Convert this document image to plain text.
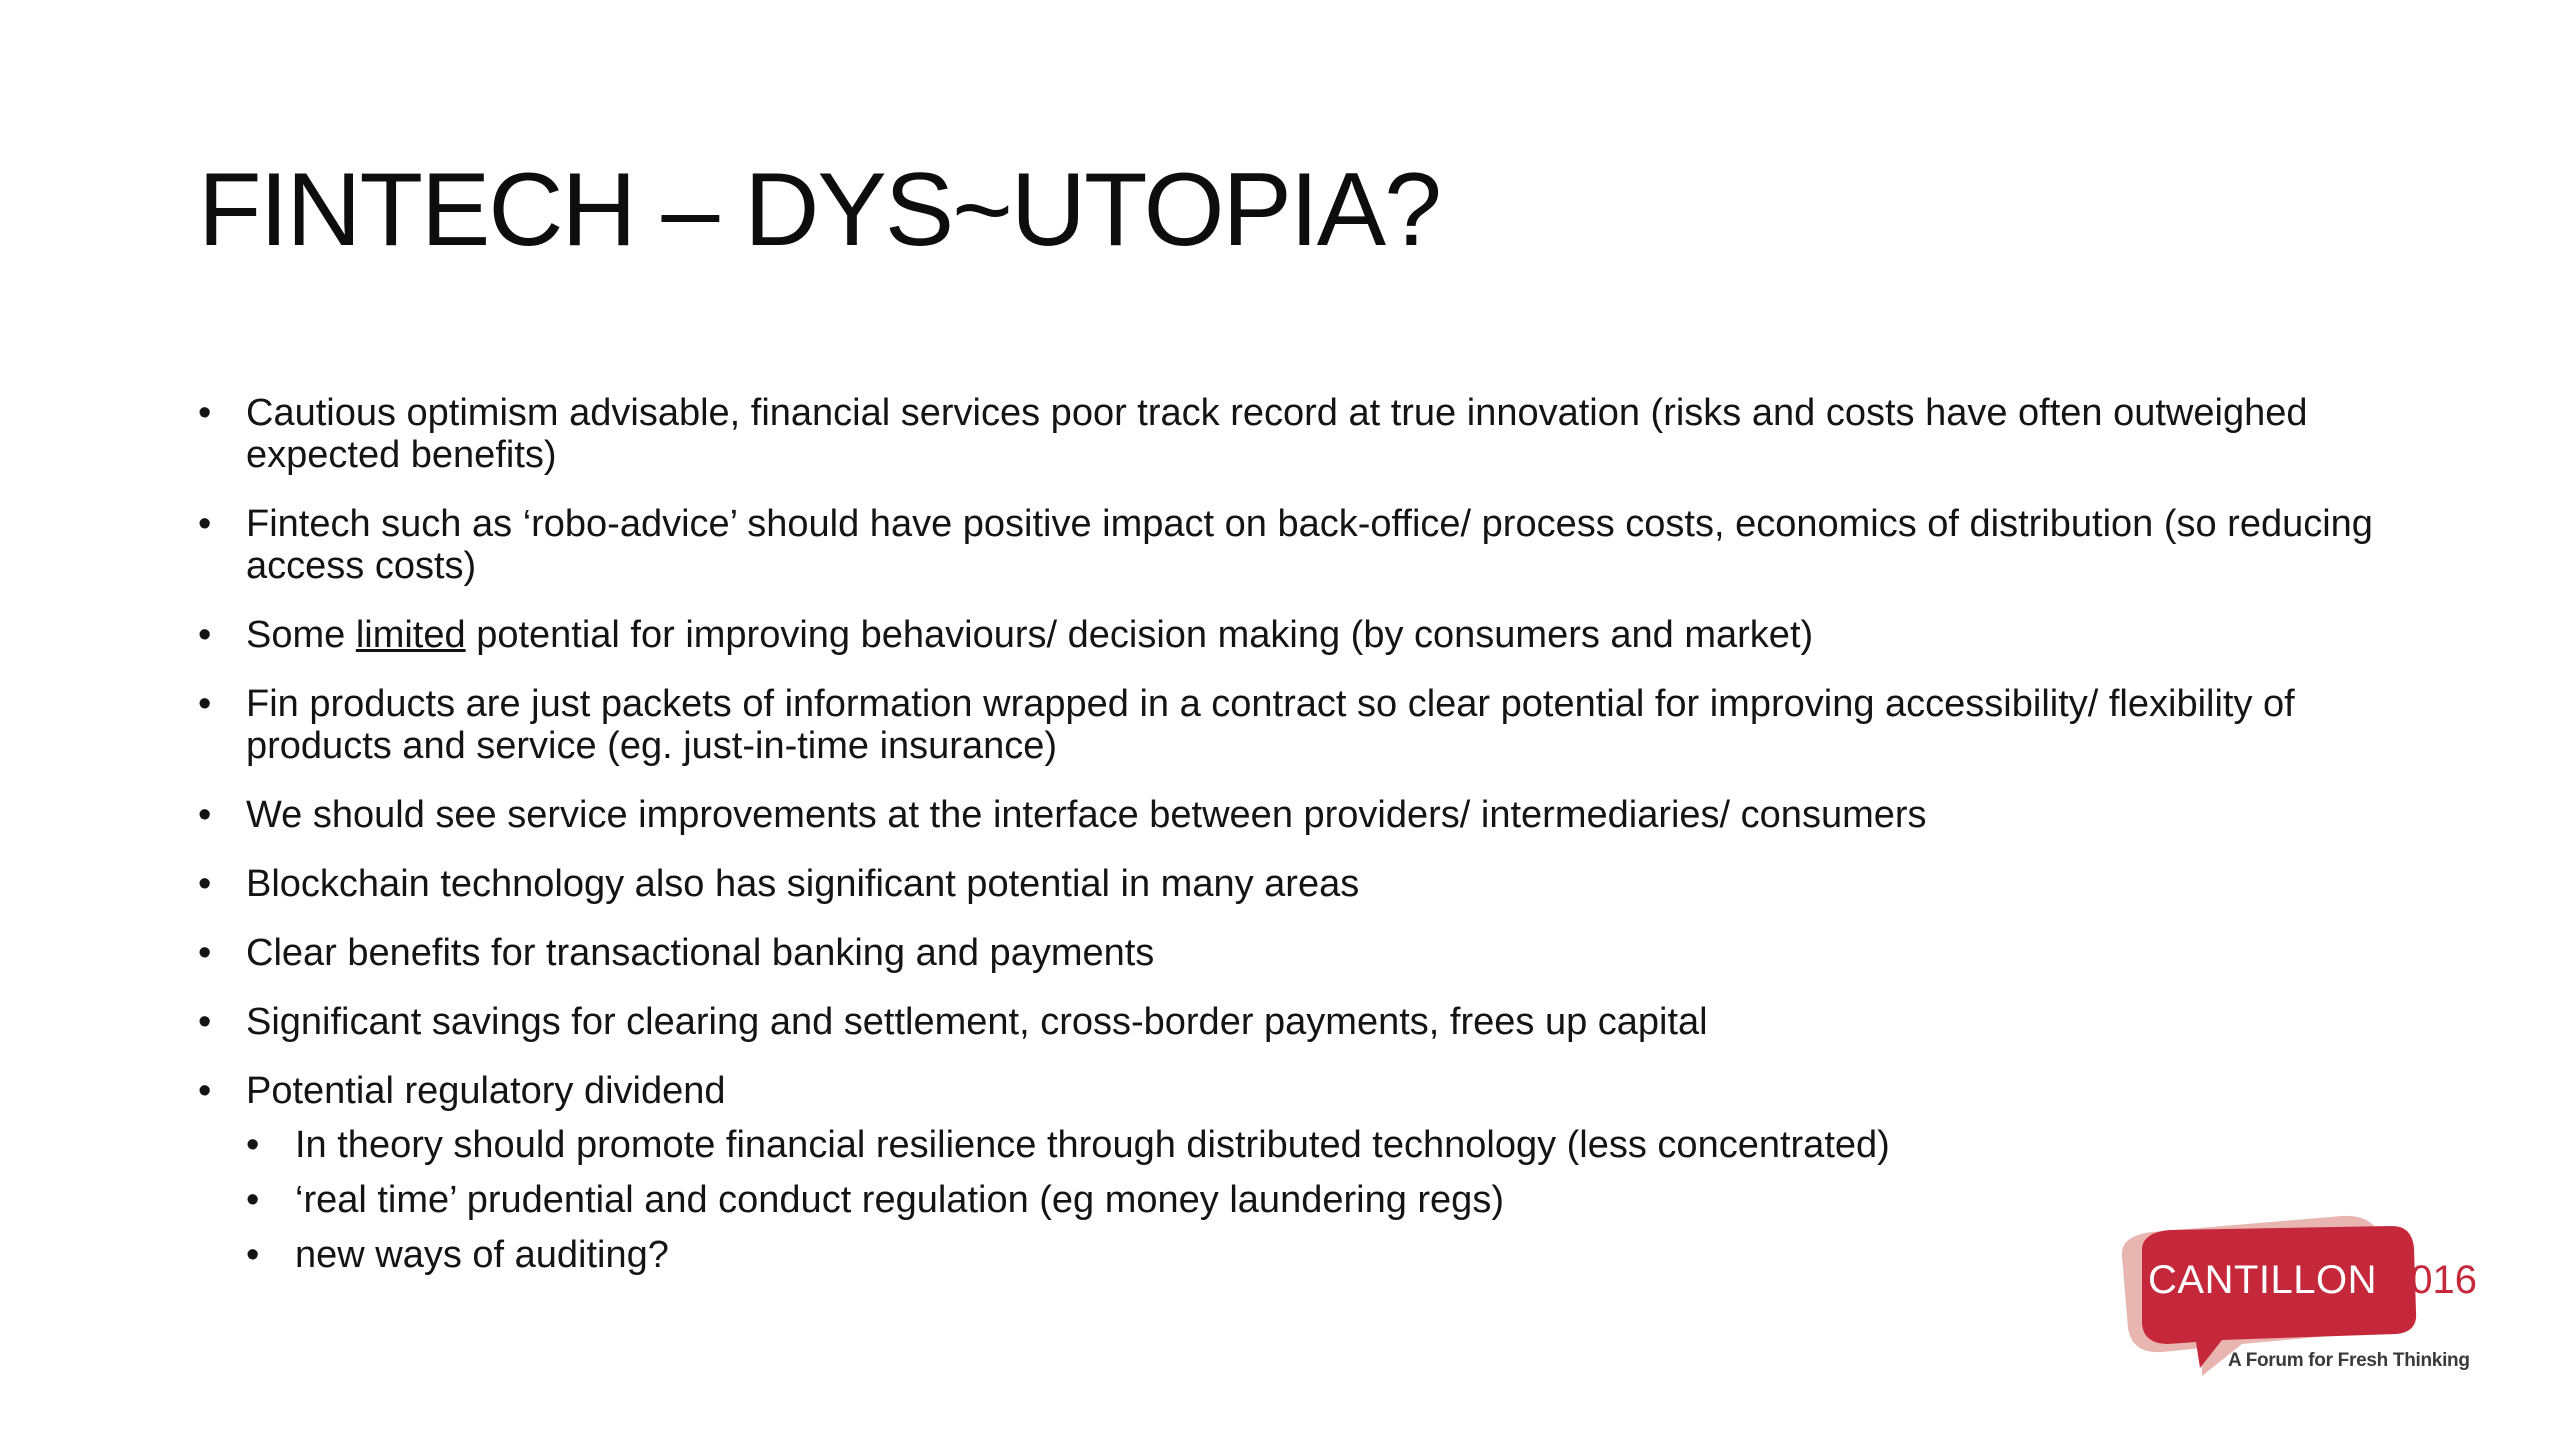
FINTECH – DYS~UTOPIA?
• Cautious optimism advisable, financial services poor track record at true innovation (risks and costs have often outweighed expected benefits)
• Fintech such as ‘robo-advice’ should have positive impact on back-office/ process costs, economics of distribution (so reducing access costs)
• Some limited potential for improving behaviours/ decision making (by consumers and market)
• Fin products are just packets of information wrapped in a contract so clear potential for improving accessibility/ flexibility of products and service (eg. just-in-time insurance)
• We should see service improvements at the interface between providers/ intermediaries/ consumers
• Blockchain technology also has significant potential in many areas
• Clear benefits for transactional banking and payments
• Significant savings for clearing and settlement, cross-border payments, frees up capital
• Potential regulatory dividend
• In theory should promote financial resilience through distributed technology (less concentrated)
• ‘real time’ prudential and conduct regulation (eg money laundering regs)
• new ways of auditing?
CANTILLON 2016
A Forum for Fresh Thinking
